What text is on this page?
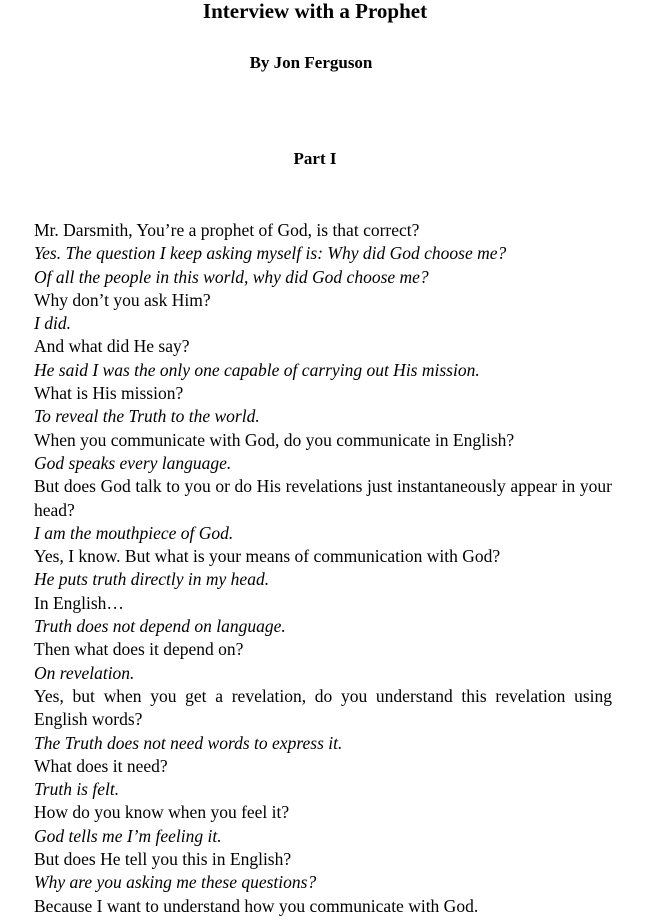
Interview with a Prophet
By Jon Ferguson
Part I
Mr. Darsmith, You’re a prophet of God, is that correct?
Yes. The question I keep asking myself is: Why did God choose me?
Of all the people in this world, why did God choose me?
Why don’t you ask Him?
I did.
And what did He say?
He said I was the only one capable of carrying out His mission.
What is His mission?
To reveal the Truth to the world.
When you communicate with God, do you communicate in English?
God speaks every language.
But does God talk to you or do His revelations just instantaneously appear in your head?
I am the mouthpiece of God.
Yes, I know. But what is your means of communication with God?
He puts truth directly in my head.
In English…
Truth does not depend on language.
Then what does it depend on?
On revelation.
Yes, but when you get a revelation, do you understand this revelation using English words?
The Truth does not need words to express it.
What does it need?
Truth is felt.
How do you know when you feel it?
God tells me I’m feeling it.
But does He tell you this in English?
Why are you asking me these questions?
Because I want to understand how you communicate with God.
